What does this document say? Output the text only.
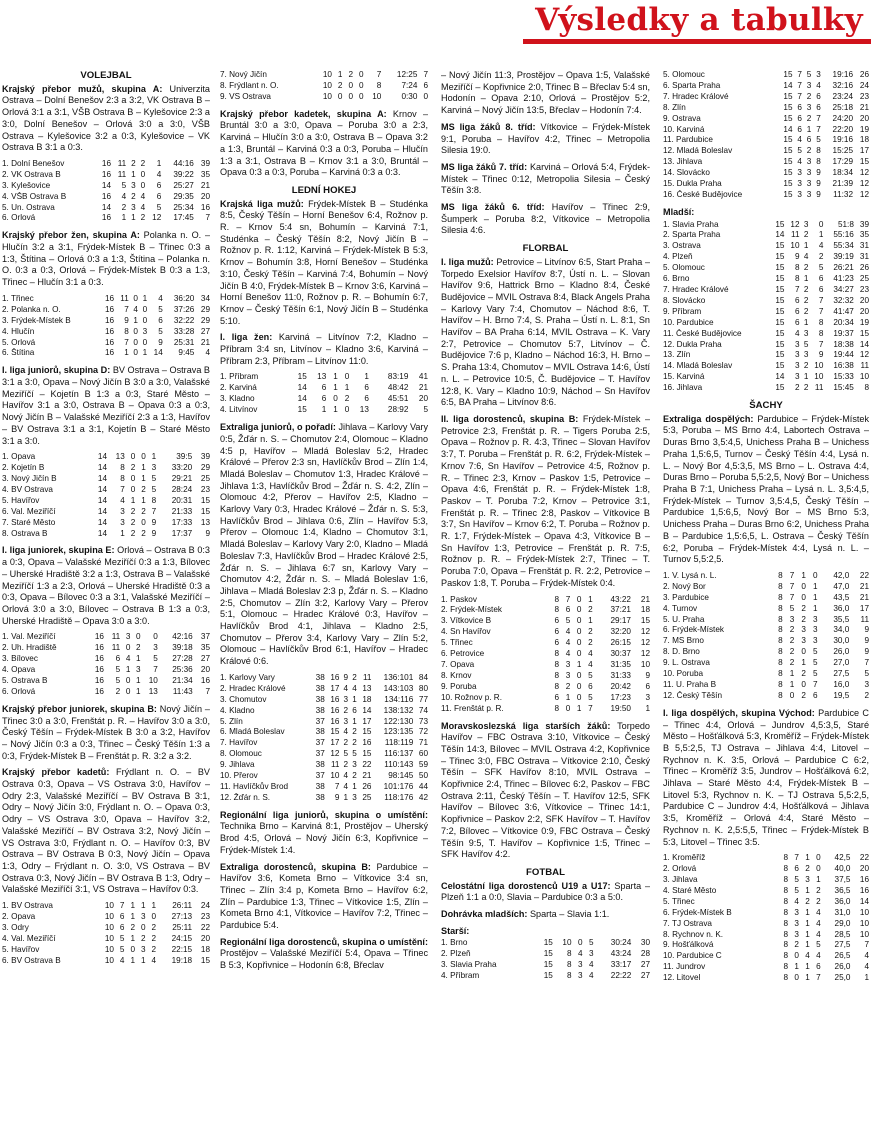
Výsledky a tabulky
VOLEJBAL

Krajský přebor mužů, skupina A: Univerzita Ostrava – Dolní Benešov 2:3 a 3:2, VK Ostrava B – Orlová 3:1 a 3:1, VŠB Ostrava B – Kylešovice 2:3 a 3:0, Dolní Benešov – Orlová 3:0 a 3:0, VŠB Ostrava – Kylešovice 3:2 a 0:3, Kylešovice – VK Ostrava B 3:1 a 0:3.

1. Dolní Benešov	16	11	2	2	1	44:16	39
2. VK Ostrava B	16	11	1	0	4	39:22	35
3. Kylešovice	14	5	3	0	6	25:27	21
4. VŠB Ostrava B	16	4	2	4	6	29:35	20
5. Un. Ostrava	14	2	3	4	5	25:34	16
6. Orlová	16	1	1	2	12	17:45	7

Krajský přebor žen, skupina A: Polanka n. O. – Hlučín 3:2 a 3:1, Frýdek-Místek B – Třinec 0:3 a 1:3, Štítina – Orlová 0:3 a 1:3, Štítina – Polanka n. O. 0:3 a 0:3, Orlová – Frýdek-Místek B 0:3 a 1:3, Třinec – Hlučín 3:1 a 0:3.

1. Třinec	16	11	0	1	4	36:20	34
2. Polanka n. O.	16	7	4	0	5	37:26	29
3. Frýdek-Místek B	16	9	1	0	6	32:22	29
4. Hlučín	16	8	0	3	5	33:28	27
5. Orlová	16	7	0	0	9	25:31	21
6. Štítina	16	1	0	1	14	9:45	4

I. liga juniorů, skupina D: BV Ostrava – Ostrava B 3:1 a 3:0, Opava – Nový Jičín B 3:0 a 3:0, Valašské Meziříčí – Kojetín B 1:3 a 0:3, Staré Město – Havířov 3:1 a 3:0, Ostrava B – Opava 0:3 a 0:3, Nový Jičín B – Valašské Meziříčí 2:3 a 1:3, Havířov – BV Ostrava 3:1 a 3:1, Kojetín B – Staré Město 3:1 a 3:0.

1. Opava	14	13	0	0	1	39:5	39
2. Kojetín B	14	8	2	1	3	33:20	29
3. Nový Jičín B	14	8	0	1	5	29:21	25
4. BV Ostrava	14	7	0	2	5	28:24	23
5. Havířov	14	4	1	1	8	20:31	15
6. Val. Meziříčí	14	3	2	2	7	21:33	15
7. Staré Město	14	3	2	0	9	17:33	13
8. Ostrava B	14	1	2	2	9	17:37	9

I. liga juniorek, skupina E: Orlová – Ostrava B 0:3 a 0:3, Opava – Valašské Meziříčí 0:3 a 1:3, Bílovec – Uherské Hradiště 3:2 a 1:3, Ostrava B – Valašské Meziříčí 1:3 a 2:3, Orlová – Uherské Hradiště 0:3 a 0:3, Opava – Bílovec 0:3 a 3:1, Valašské Meziříčí – Orlová 3:0 a 3:0, Bílovec – Ostrava B 1:3 a 0:3, Uherské Hradiště – Opava 3:0 a 3:0.

1. Val. Meziříčí	16	11	3	0	0	42:16	37
2. Uh. Hradiště	16	11	0	2	3	39:18	35
3. Bílovec	16	6	4	1	5	27:28	27
4. Opava	16	5	1	3	7	25:36	20
5. Ostrava B	16	5	0	1	10	21:34	16
6. Orlová	16	2	0	1	13	11:43	7

Krajský přebor juniorek, skupina B: Nový Jičín – Třinec 3:0 a 3:0, Frenštát p. R. – Havířov 3:0 a 3:0, Český Těšín – Frýdek-Místek B 3:0 a 3:2, Havířov – Nový Jičín 0:3 a 0:3, Třinec – Český Těšín 1:3 a 0:3, Frýdek-Místek B – Frenštát p. R. 3:2 a 3:2.

Krajský přebor kadetů: Frýdlant n. O. – BV Ostrava 0:3, Opava – VS Ostrava 3:0, Havířov – Odry 2:3, Valašské Meziříčí – BV Ostrava B 3:1, Odry – Nový Jičín 3:0, Frýdlant n. O. – Opava 0:3, Odry – VS Ostrava 3:0, Opava – Havířov 3:2, Valašské Meziříčí – BV Ostrava 3:2, Nový Jičín – VS Ostrava 3:0, Frýdlant n. O. – Havířov 0:3, BV Ostrava – BV Ostrava B 0:3, Nový Jičín – Opava 1:3, Odry – Frýdlant n. O. 3:0, VS Ostrava – BV Ostrava 0:3, Nový Jičín – BV Ostrava B 1:3, Odry – Valašské Meziříčí 3:1, VS Ostrava – Havířov 0:3.

1. BV Ostrava	10	7	1	1	1	26:11	24
2. Opava	10	6	1	3	0	27:13	23
3. Odry	10	6	2	0	2	25:11	22
4. Val. Meziříčí	10	5	1	2	2	24:15	20
5. Havířov	10	5	0	3	2	22:15	18
6. BV Ostrava B	10	4	1	1	4	19:18	15
7. Nový Jičín	10	1	2	0	7	12:25	7
8. Frýdlant n. O.	10	2	0	0	8	7:24	6
9. VS Ostrava	10	0	0	0	10	0:30	0

Krajský přebor kadetek, skupina A: Krnov – Bruntál 3:0 a 3:0, Opava – Poruba 3:0 a 2:3, Karviná – Hlučín 3:0 a 3:0, Ostrava B – Opava 3:2 a 1:3, Bruntál – Karviná 0:3 a 0:3, Poruba – Hlučín 1:3 a 3:1, Ostrava B – Krnov 3:1 a 3:0, Bruntál – Opava 0:3 a 0:3, Poruba – Karviná 0:3 a 0:3.

LEDNÍ HOKEJ

Krajská liga mužů: Frýdek-Místek B – Studénka 8:5, Český Těšín – Horní Benešov 6:4, Rožnov p. R. – Krnov 5:4 sn, Bohumín – Karviná 7:1, Studénka – Český Těšín 8:2, Nový Jičín B – Rožnov p. R. 1:12, Karviná – Frýdek-Místek B 5:3, Krnov – Bohumín 3:8, Horní Benešov – Studénka 3:10, Český Těšín – Karviná 7:4, Bohumín – Nový Jičín B 4:0, Frýdek-Místek B – Krnov 3:6, Karviná – Horní Benešov 11:0, Rožnov p. R. – Bohumín 6:7, Krnov – Český Těšín 6:1, Nový Jičín B – Studénka 5:10.

I. liga žen: Karviná – Litvínov 7:2, Kladno – Příbram 3:4 sn, Litvínov – Kladno 3:6, Karviná – Příbram 2:3, Příbram – Litvínov 11:0.

1. Příbram	15	13	1	0	1	83:19	41
2. Karviná	14	6	1	1	6	48:42	21
3. Kladno	14	6	0	2	6	45:51	20
4. Litvínov	15	1	1	0	13	28:92	5

Extraliga juniorů, o pořadí: Jihlava – Karlovy Vary 0:5, Žďár n. S. – Chomutov 2:4, Olomouc – Kladno 4:5 p, Havířov – Mladá Boleslav 5:2, Hradec Králové – Přerov 2:3 sn, Havlíčkův Brod – Zlín 1:4, Mladá Boleslav – Chomutov 1:3, Hradec Králové – Jihlava 1:3, Havlíčkův Brod – Žďár n. S. 4:2, Zlín – Olomouc 4:2, Přerov – Havířov 2:5, Kladno – Karlovy Vary 0:3, Hradec Králové – Žďár n. S. 5:3, Havlíčkův Brod – Jihlava 0:6, Zlín – Havířov 5:3, Přerov – Olomouc 1:4, Kladno – Chomutov 3:1, Mladá Boleslav – Karlovy Vary 2:0, Kladno – Mladá Boleslav 7:3, Havlíčkův Brod – Hradec Králové 2:5, Žďár n. S. – Jihlava 6:7 sn, Karlovy Vary – Chomutov 4:2, Žďár n. S. – Mladá Boleslav 1:6, Jihlava – Mladá Boleslav 2:3 p, Žďár n. S. – Kladno 2:5, Chomutov – Zlín 3:2, Karlovy Vary – Přerov 5:1, Olomouc – Hradec Králové 0:3, Havířov – Havlíčkův Brod 4:1, Jihlava – Kladno 2:5, Chomutov – Přerov 3:4, Karlovy Vary – Zlín 5:2, Olomouc – Havlíčkův Brod 6:1, Havířov – Hradec Králové 0:6.

1. Karlovy Vary	38	16	9	2	11	136:101	84
2. Hradec Králové	38	17	4	4	13	143:103	80
3. Chomutov	38	16	3	1	18	134:116	77
4. Kladno	38	16	2	6	14	138:132	74
5. Zlín	37	16	3	1	17	122:130	73
6. Mladá Boleslav	38	15	4	2	15	123:135	72
7. Havířov	37	17	2	2	16	118:119	71
8. Olomouc	37	12	5	5	15	116:137	60
9. Jihlava	38	11	2	3	22	110:143	59
10. Přerov	37	10	4	2	21	98:145	50
11. Havlíčkův Brod	38	7	4	1	26	101:176	44
12. Žďár n. S.	38	9	1	3	25	118:176	42

Regionální liga juniorů, skupina o umístění: Technika Brno – Karviná 8:1, Prostějov – Uherský Brod 4:5, Orlová – Nový Jičín 6:3, Kopřivnice – Frýdek-Místek 1:4.

Extraliga dorostenců, skupina B: Pardubice – Havířov 3:6, Kometa Brno – Vítkovice 3:4 sn, Třinec – Zlín 3:4 p, Kometa Brno – Havířov 6:2, Zlín – Pardubice 1:3, Třinec – Vítkovice 1:5, Zlín – Kometa Brno 4:1, Vítkovice – Havířov 7:2, Třinec – Pardubice 5:4.

Regionální liga dorostenců, skupina o umístění: Prostějov – Valašské Meziříčí 5:4, Opava – Třinec B 5:3, Kopřivnice – Hodonín 6:8, Břeclav

– Nový Jičín 11:3, Prostějov – Opava 1:5, Valašské Meziříčí – Kopřivnice 2:0, Třinec B – Břeclav 5:4 sn, Hodonín – Opava 2:10, Orlová – Prostějov 5:2, Karviná – Nový Jičín 13:5, Břeclav – Hodonín 7:4.

MS liga žáků 8. tříd: Vítkovice – Frýdek-Místek 9:1, Poruba – Havířov 4:2, Třinec – Metropolia Silesia 19:0.

MS liga žáků 7. tříd: Karviná – Orlová 5:4, Frýdek-Místek – Třinec 0:12, Metropolia Silesia – Český Těšín 3:8.

MS liga žáků 6. tříd: Havířov – Třinec 2:9, Šumperk – Poruba 8:2, Vítkovice – Metropolia Silesia 4:6.

FLORBAL

I. liga mužů: Petrovice – Litvínov 6:5, Start Praha – Torpedo Exelsior Havířov 8:7, Ústí n. L. – Slovan Havířov 9:6, Hattrick Brno – Kladno 8:4, České Budějovice – MVIL Ostrava 8:4, Black Angels Praha – Karlovy Vary 7:4, Chomutov – Náchod 8:6, T. Havířov – H. Brno 7:4, S. Praha – Ústí n. L. 8:1, Sn Havířov – BA Praha 6:14, MVIL Ostrava – K. Vary 2:7, Petrovice – Chomutov 5:7, Litvínov – Č. Budějovice 7:6 p, Kladno – Náchod 16:3, H. Brno – S. Praha 13:4, Chomutov – MVIL Ostrava 14:6, Ústí n. L. – Petrovice 10:5, Č. Budějovice – T. Havířov 12:8, K. Vary – Kladno 10:9, Náchod – Sn Havířov 6:5, BA Praha – Litvínov 8:6.

II. liga dorostenců, skupina B: Frýdek-Místek – Petrovice 2:3, Frenštát p. R. – Tigers Poruba 2:5, Opava – Rožnov p. R. 4:3, Třinec – Slovan Havířov 3:7, T. Poruba – Frenštát p. R. 6:2, Frýdek-Místek – Krnov 7:6, Sn Havířov – Petrovice 4:5, Rožnov p. R. – Třinec 2:3, Krnov – Paskov 1:5, Petrovice – Opava 4:6, Frenštát p. R. – Frýdek-Místek 1:8, Paskov – T. Poruba 7:2, Krnov – Petrovice 3:1, Frenštát p. R. – Třinec 2:8, Paskov – Vítkovice B 3:7, Sn Havířov – Krnov 6:2, T. Poruba – Rožnov p. R. 1:7, Frýdek-Místek – Opava 4:3, Vítkovice B – Sn Havířov 1:3, Petrovice – Frenštát p. R. 7:5, Rožnov p. R. – Frýdek-Místek 2:7, Třinec – T. Poruba 7:0, Opava – Frenštát p. R. 2:2, Petrovice – Paskov 1:8, T. Poruba – Frýdek-Místek 0:4.

1. Paskov	8	7	0	1	43:22	21
2. Frýdek-Místek	8	6	0	2	37:21	18
3. Vítkovice B	6	5	0	1	29:17	15
4. Sn Havířov	6	4	0	2	32:20	12
5. Třinec	6	4	0	2	26:15	12
6. Petrovice	8	4	0	4	30:37	12
7. Opava	8	3	1	4	31:35	10
8. Krnov	8	3	0	5	31:33	9
9. Poruba	8	2	0	6	20:42	6
10. Rožnov p. R.	6	1	0	5	17:23	3
11. Frenštát p. R.	8	0	1	7	19:50	1

Moravskoslezská liga starších žáků: Torpedo Havířov – FBC Ostrava 3:10, Vítkovice – Český Těšín 14:3, Bílovec – MVIL Ostrava 4:2, Kopřivnice – Třinec 3:0, FBC Ostrava – Vítkovice 2:10, Český Těšín – SFK Havířov 8:10, MVIL Ostrava – Kopřivnice 2:4, Třinec – Bílovec 6:2, Paskov – FBC Ostrava 2:11, Český Těšín – T. Havířov 12:5, SFK Havířov – Bílovec 3:6, Vítkovice – Třinec 14:1, Kopřivnice – Paskov 2:2, SFK Havířov – T. Havířov 7:2, Bílovec – Vítkovice 0:9, FBC Ostrava – Český Těšín 9:5, T. Havířov – Kopřivnice 1:5, Třinec – SFK Havířov 4:2.

FOTBAL

Celostátní liga dorostenců U19 a U17: Sparta – Plzeň 1:1 a 0:0, Slavia – Pardubice 0:3 a 5:0.

Dohrávka mladších: Sparta – Slavia 1:1.

Starší:
1. Brno	15	10	0	5	30:24	30
2. Plzeň	15	8	4	3	43:24	28
3. Slavia Praha	15	8	3	4	33:17	27
4. Příbram	15	8	3	4	22:22	27
5. Olomouc	15	7	5	3	19:16	26
6. Sparta Praha	14	7	3	4	32:16	24
7. Hradec Králové	15	7	2	6	23:24	23
8. Zlín	15	6	3	6	25:18	21
9. Ostrava	15	6	2	7	24:20	20
10. Karviná	14	6	1	7	22:20	19
11. Pardubice	15	4	6	5	19:16	18
12. Mladá Boleslav	15	5	2	8	15:25	17
13. Jihlava	15	4	3	8	17:29	15
14. Slovácko	15	3	3	9	18:34	12
15. Dukla Praha	15	3	3	9	21:39	12
16. České Budějovice	15	3	3	9	11:32	12
Mladší:
1. Slavia Praha	15	12	3	0	51:8	39
2. Sparta Praha	14	11	2	1	55:16	35
3. Ostrava	15	10	1	4	55:34	31
4. Plzeň	15	9	4	2	39:19	31
5. Olomouc	15	8	2	5	26:21	26
6. Brno	15	8	1	6	41:23	25
7. Hradec Králové	15	7	2	6	34:27	23
8. Slovácko	15	6	2	7	32:32	20
9. Příbram	15	6	2	7	41:47	20
10. Pardubice	15	6	1	8	20:34	19
11. České Budějovice	15	4	3	8	19:37	15
12. Dukla Praha	15	3	5	7	18:38	14
13. Zlín	15	3	3	9	19:44	12
14. Mladá Boleslav	15	3	2	10	16:38	11
15. Karviná	14	3	1	10	15:33	10
16. Jihlava	15	2	2	11	15:45	8
ŠACHY

Extraliga dospělých: Pardubice – Frýdek-Místek 5:3, Poruba – MS Brno 4:4, Labortech Ostrava – Duras Brno 3,5:4,5, Unichess Praha B – Unichess Praha 1,5:6,5, Turnov – Český Těšín 4:4, Lysá n. L. – Nový Bor 4,5:3,5, MS Brno – L. Ostrava 4:4, Duras Brno – Poruba 5,5:2,5, Nový Bor – Unichess Praha B 7:1, Unichess Praha – Lysá n. L. 3,5:4,5, Frýdek-Místek – Turnov 3,5:4,5, Český Těšín – Pardubice 1,5:6,5, Nový Bor – MS Brno 5:3, Unichess Praha – Duras Brno 6:2, Unichess Praha B – Pardubice 1,5:6,5, L. Ostrava – Český Těšín 6:2, Poruba – Frýdek-Místek 4:4, Lysá n. L. – Turnov 5,5:2,5.

1. V. Lysá n. L.	8	7	1	0	42,0	22
2. Nový Bor	8	7	0	1	47,0	21
3. Pardubice	8	7	0	1	43,5	21
4. Turnov	8	5	2	1	36,0	17
5. U. Praha	8	3	2	3	35,5	11
6. Frýdek-Místek	8	2	3	3	34,0	9
7. MS Brno	8	2	3	3	30,0	9
8. D. Brno	8	2	0	5	26,0	9
9. L. Ostrava	8	2	1	5	27,0	7
10. Poruba	8	1	2	5	27,5	5
11. U. Praha B	8	1	0	7	16,0	3
12. Český Těšín	8	0	2	6	19,5	2

I. liga dospělých, skupina Východ: Pardubice C – Třinec 4:4, Orlová – Jundrov 4,5:3,5, Staré Město – Hošťálková 5:3, Kroměříž – Frýdek-Místek B 5,5:2,5, TJ Ostrava – Jihlava 4:4, Litovel – Rychnov n. K. 3:5, Orlová – Pardubice C 6:2, Třinec – Kroměříž 3:5, Jundrov – Hošťálková 6:2, Jihlava – Staré Město 4:4, Frýdek-Místek B – Litovel 5:3, Rychnov n. K. – TJ Ostrava 5,5:2,5, Pardubice C – Jundrov 4:4, Hošťálková – Jihlava 3:5, Kroměříž – Orlová 4:4, Staré Město – Rychnov n. K. 2,5:5,5, Třinec – Frýdek-Místek B 5:3, Litovel – Třinec 3:5.

1. Kroměříž	8	7	1	0	42,5	22
2. Orlová	8	6	2	0	40,0	20
3. Jihlava	8	5	3	1	37,5	16
4. Staré Město	8	5	1	2	36,5	16
5. Třinec	8	4	2	2	36,0	14
6. Frýdek-Místek B	8	3	1	4	31,0	10
7. TJ Ostrava	8	3	1	4	29,0	10
8. Rychnov n. K.	8	3	1	4	28,5	10
9. Hošťálková	8	2	1	5	27,5	7
10. Pardubice C	8	0	4	4	26,5	4
11. Jundrov	8	1	1	6	26,0	4
12. Litovel	8	0	1	7	25,0	1
